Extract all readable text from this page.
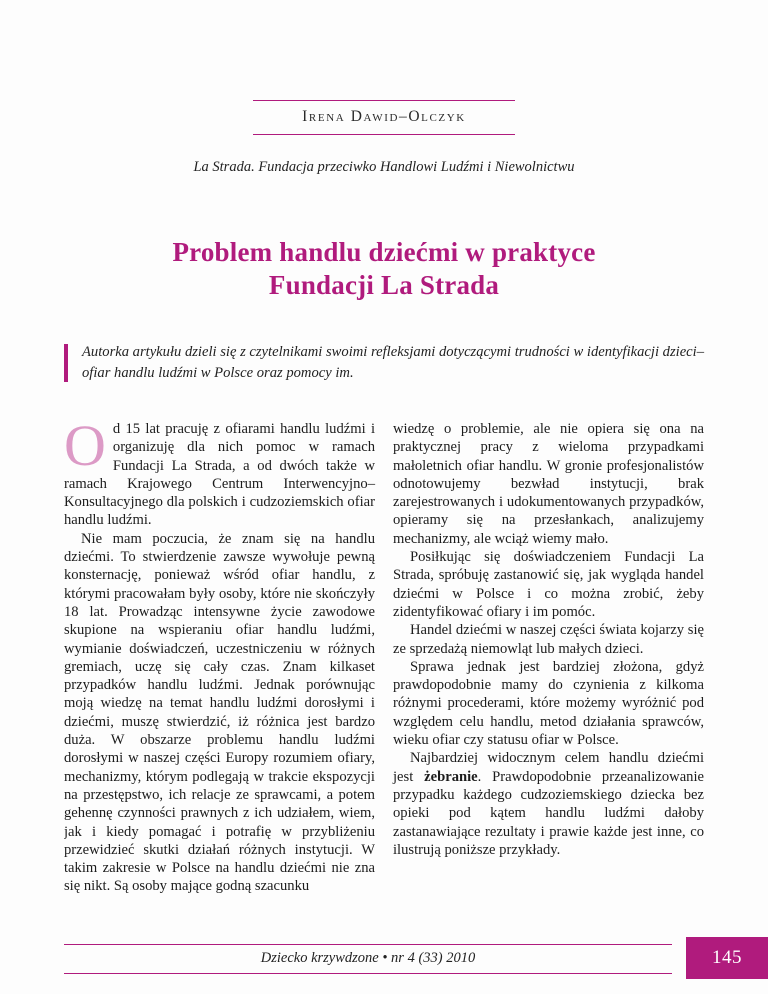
Irena Dawid–Olczyk
La Strada. Fundacja przeciwko Handlowi Ludźmi i Niewolnictwu
Problem handlu dziećmi w praktyce
Fundacji La Strada

Autorka artykułu dzieli się z czytelnikami swoimi refleksjami dotyczącymi trudności w identyfikacji dzieci–ofiar handlu ludźmi w Polsce oraz pomocy im.

Od 15 lat pracuję z ofiarami handlu ludźmi i organizuję dla nich pomoc w ramach Fundacji La Strada, a od dwóch także w ramach Krajowego Centrum Interwencyjno–Konsultacyjnego dla polskich i cudzoziemskich ofiar handlu ludźmi.

Nie mam poczucia, że znam się na handlu dziećmi. To stwierdzenie zawsze wywołuje pewną konsternację, ponieważ wśród ofiar handlu, z którymi pracowałam były osoby, które nie skończyły 18 lat. Prowadząc intensywne życie zawodowe skupione na wspieraniu ofiar handlu ludźmi, wymianie doświadczeń, uczestniczeniu w różnych gremiach, uczę się cały czas. Znam kilkaset przypadków handlu ludźmi. Jednak porównując moją wiedzę na temat handlu ludźmi dorosłymi i dziećmi, muszę stwierdzić, iż różnica jest bardzo duża. W obszarze problemu handlu ludźmi dorosłymi w naszej części Europy rozumiem ofiary, mechanizmy, którym podlegają w trakcie ekspozycji na przestępstwo, ich relacje ze sprawcami, a potem gehennę czynności prawnych z ich udziałem, wiem, jak i kiedy pomagać i potrafię w przybliżeniu przewidzieć skutki działań różnych instytucji. W takim zakresie w Polsce na handlu dziećmi nie zna się nikt. Są osoby mające godną szacunku

wiedzę o problemie, ale nie opiera się ona na praktycznej pracy z wieloma przypadkami małoletnich ofiar handlu. W gronie profesjonalistów odnotowujemy bezwład instytucji, brak zarejestrowanych i udokumentowanych przypadków, opieramy się na przesłankach, analizujemy mechanizmy, ale wciąż wiemy mało.

Posiłkując się doświadczeniem Fundacji La Strada, spróbuję zastanowić się, jak wygląda handel dziećmi w Polsce i co można zrobić, żeby zidentyfikować ofiary i im pomóc.

Handel dziećmi w naszej części świata kojarzy się ze sprzedażą niemowląt lub małych dzieci.

Sprawa jednak jest bardziej złożona, gdyż prawdopodobnie mamy do czynienia z kilkoma różnymi procederami, które możemy wyróżnić pod względem celu handlu, metod działania sprawców, wieku ofiar czy statusu ofiar w Polsce.

Najbardziej widocznym celem handlu dziećmi jest żebranie. Prawdopodobnie przeanalizowanie przypadku każdego cudzoziemskiego dziecka bez opieki pod kątem handlu ludźmi dałoby zastanawiające rezultaty i prawie każde jest inne, co ilustrują poniższe przykłady.

Dziecko krzywdzone • nr 4 (33) 2010	145
